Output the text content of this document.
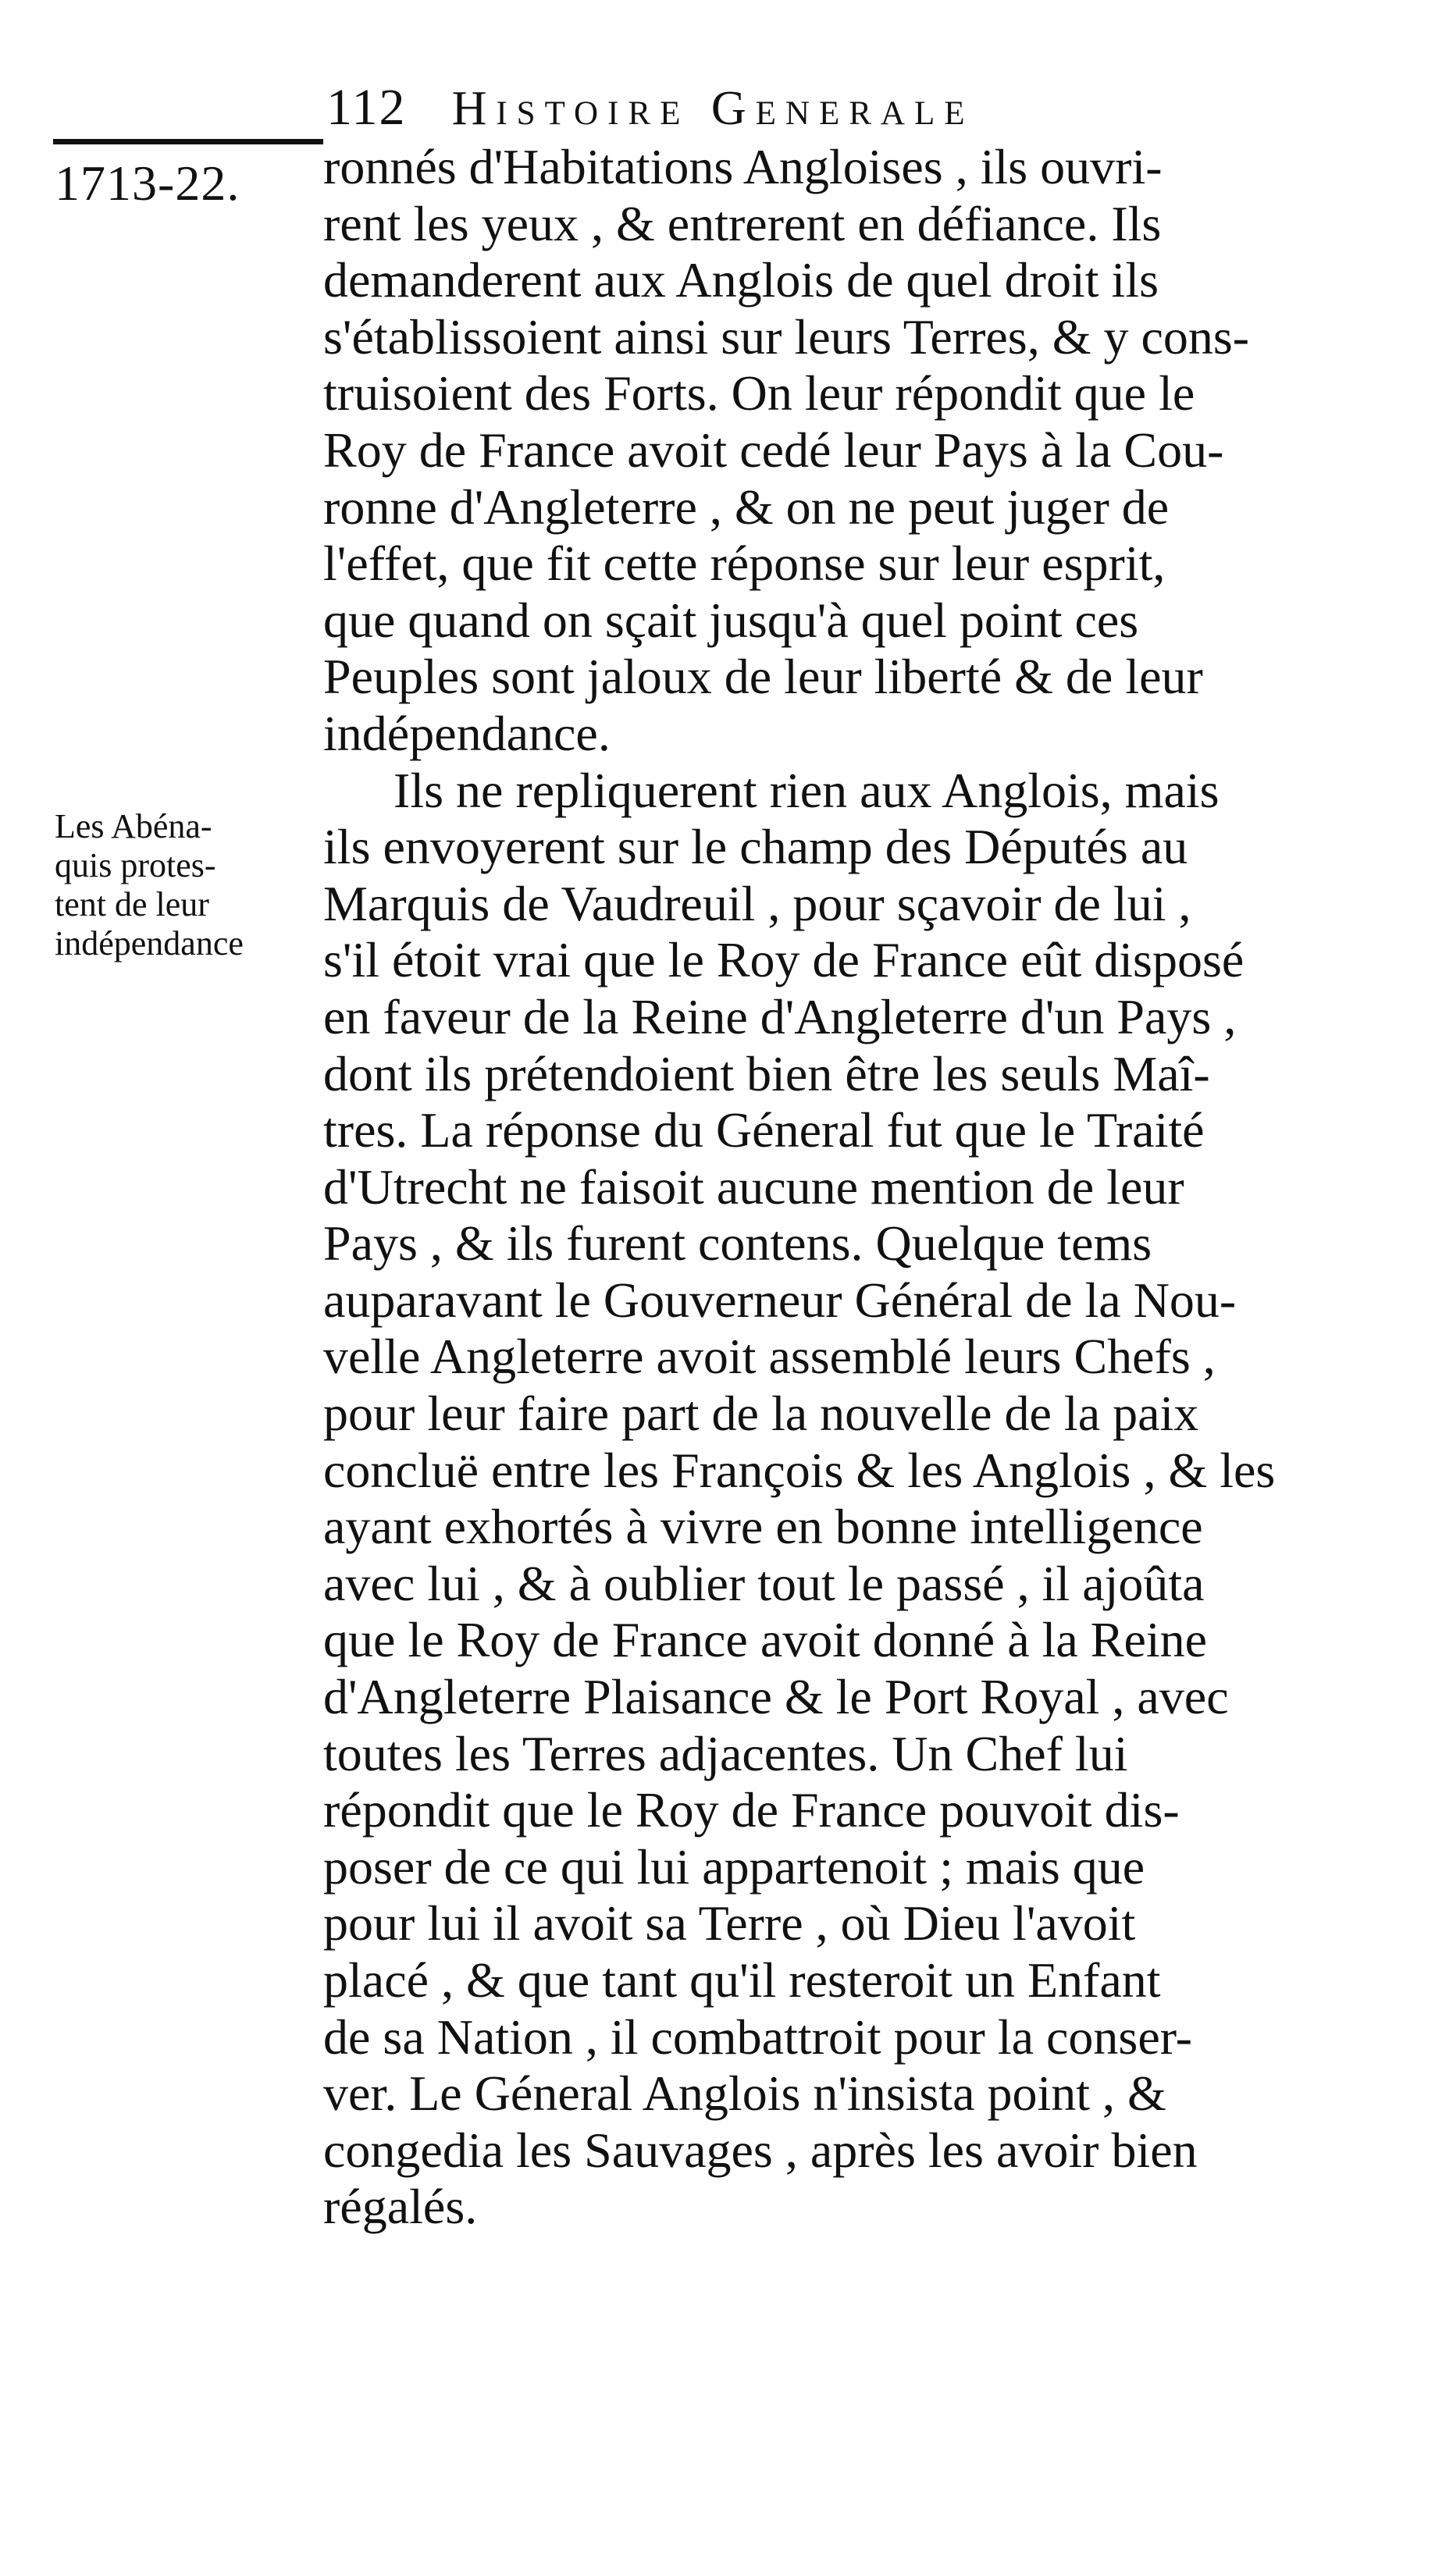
112 Histoire Generale
1713-22.
Les Abéna-
quis protes-
tent de leur
indépendance
ronnés d'Habitations Angloises , ils ouvri-
rent les yeux , & entrerent en défiance. Ils
demanderent aux Anglois de quel droit ils
s'établissoient ainsi sur leurs Terres, & y cons-
truisoient des Forts. On leur répondit que le
Roy de France avoit cedé leur Pays à la Cou-
ronne d'Angleterre , & on ne peut juger de
l'effet, que fit cette réponse sur leur esprit,
que quand on sçait jusqu'à quel point ces
Peuples sont jaloux de leur liberté & de leur
indépendance.
Ils ne repliquerent rien aux Anglois, mais
ils envoyerent sur le champ des Députés au
Marquis de Vaudreuil , pour sçavoir de lui ,
s'il étoit vrai que le Roy de France eût disposé
en faveur de la Reine d'Angleterre d'un Pays ,
dont ils prétendoient bien être les seuls Maî-
tres. La réponse du Géneral fut que le Traité
d'Utrecht ne faisoit aucune mention de leur
Pays , & ils furent contens. Quelque tems
auparavant le Gouverneur Général de la Nou-
velle Angleterre avoit assemblé leurs Chefs ,
pour leur faire part de la nouvelle de la paix
concluë entre les François & les Anglois , & les
ayant exhortés à vivre en bonne intelligence
avec lui , & à oublier tout le passé , il ajoûta
que le Roy de France avoit donné à la Reine
d'Angleterre Plaisance & le Port Royal , avec
toutes les Terres adjacentes. Un Chef lui
répondit que le Roy de France pouvoit dis-
poser de ce qui lui appartenoit ; mais que
pour lui il avoit sa Terre , où Dieu l'avoit
placé , & que tant qu'il resteroit un Enfant
de sa Nation , il combattroit pour la conser-
ver. Le Géneral Anglois n'insista point , &
congedia les Sauvages , après les avoir bien
régalés.
